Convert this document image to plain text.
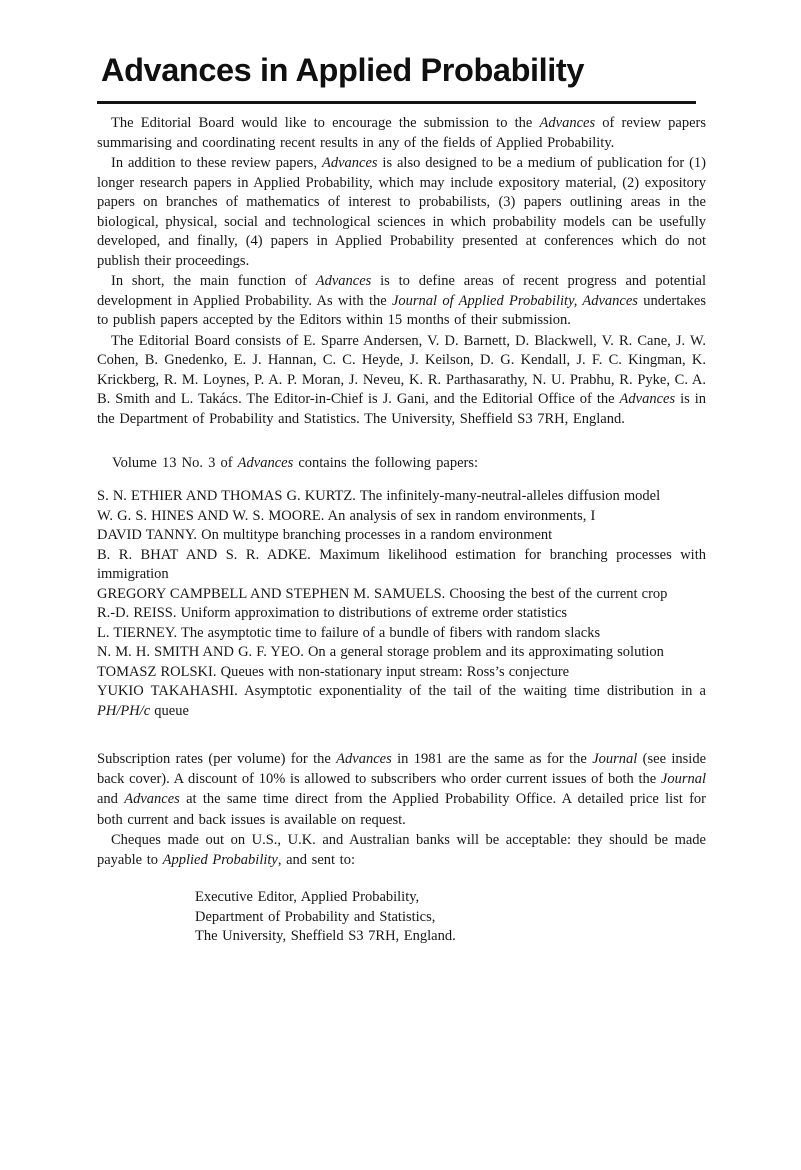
Advances in Applied Probability

The Editorial Board would like to encourage the submission to the Advances of review papers summarising and coordinating recent results in any of the fields of Applied Probability.

In addition to these review papers, Advances is also designed to be a medium of publication for (1) longer research papers in Applied Probability, which may include expository material, (2) expository papers on branches of mathematics of interest to probabilists, (3) papers outlining areas in the biological, physical, social and technological sciences in which probability models can be usefully developed, and finally, (4) papers in Applied Probability presented at conferences which do not publish their proceedings.

In short, the main function of Advances is to define areas of recent progress and potential development in Applied Probability. As with the Journal of Applied Probability, Advances undertakes to publish papers accepted by the Editors within 15 months of their submission.

The Editorial Board consists of E. Sparre Andersen, V. D. Barnett, D. Blackwell, V. R. Cane, J. W. Cohen, B. Gnedenko, E. J. Hannan, C. C. Heyde, J. Keilson, D. G. Kendall, J. F. C. Kingman, K. Krickberg, R. M. Loynes, P. A. P. Moran, J. Neveu, K. R. Parthasarathy, N. U. Prabhu, R. Pyke, C. A. B. Smith and L. Takács. The Editor-in-Chief is J. Gani, and the Editorial Office of the Advances is in the Department of Probability and Statistics. The University, Sheffield S3 7RH, England.

Volume 13 No. 3 of Advances contains the following papers:

S. N. ETHIER AND THOMAS G. KURTZ. The infinitely-many-neutral-alleles diffusion model

W. G. S. HINES AND W. S. MOORE. An analysis of sex in random environments, I

DAVID TANNY. On multitype branching processes in a random environment

B. R. BHAT AND S. R. ADKE. Maximum likelihood estimation for branching processes with immigration

GREGORY CAMPBELL AND STEPHEN M. SAMUELS. Choosing the best of the current crop

R.-D. REISS. Uniform approximation to distributions of extreme order statistics

L. TIERNEY. The asymptotic time to failure of a bundle of fibers with random slacks

N. M. H. SMITH AND G. F. YEO. On a general storage problem and its approximating solution

TOMASZ ROLSKI. Queues with non-stationary input stream: Ross’s conjecture

YUKIO TAKAHASHI. Asymptotic exponentiality of the tail of the waiting time distribution in a PH/PH/c queue

Subscription rates (per volume) for the Advances in 1981 are the same as for the Journal (see inside back cover). A discount of 10% is allowed to subscribers who order current issues of both the Journal and Advances at the same time direct from the Applied Probability Office. A detailed price list for both current and back issues is available on request.

Cheques made out on U.S., U.K. and Australian banks will be acceptable: they should be made payable to Applied Probability, and sent to:

Executive Editor, Applied Probability,
Department of Probability and Statistics,
The University, Sheffield S3 7RH, England.
